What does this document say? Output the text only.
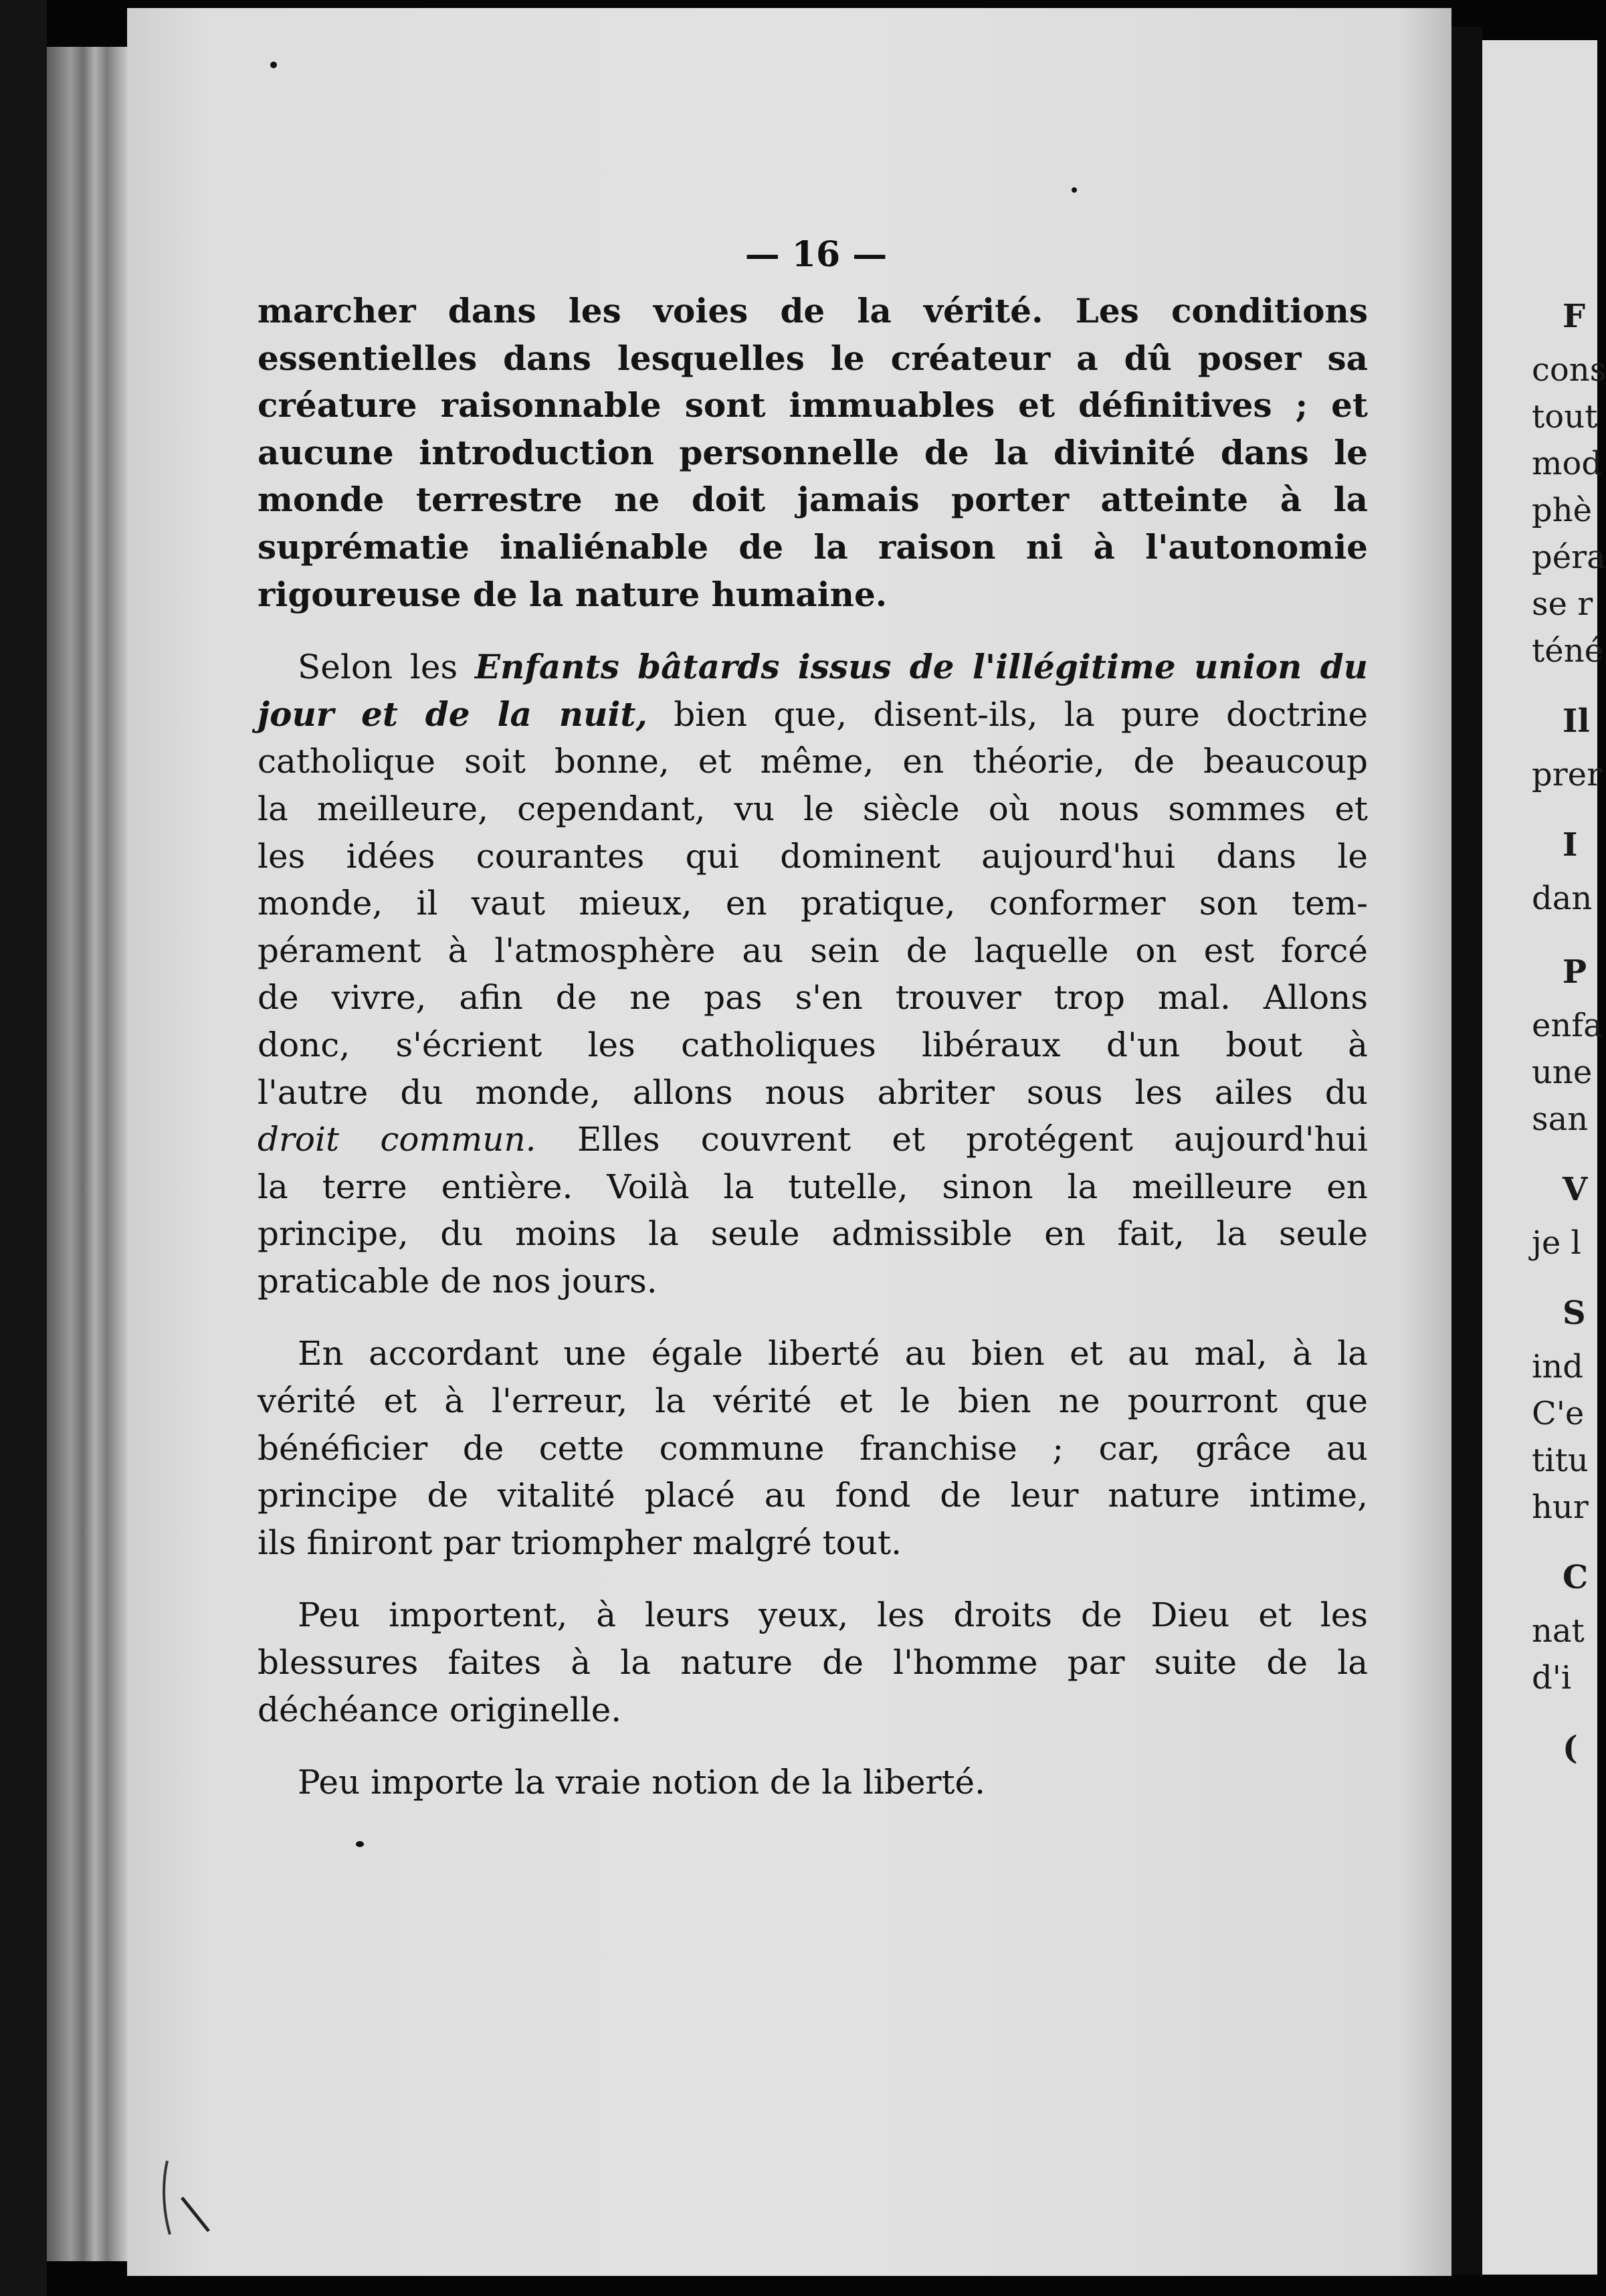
— 16 —
marcher dans les voies de la vérité. Les conditions
essentielles dans lesquelles le créateur a dû poser sa
créature raisonnable sont immuables et définitives ; et
aucune introduction personnelle de la divinité dans le
monde terrestre ne doit jamais porter atteinte à la
suprématie inaliénable de la raison ni à l'autonomie
rigoureuse de la nature humaine.
Selon les Enfants bâtards issus de l'illégitime union du
jour et de la nuit, bien que, disent-ils, la pure doctrine
catholique soit bonne, et même, en théorie, de beaucoup
la meilleure, cependant, vu le siècle où nous sommes et
les idées courantes qui dominent aujourd'hui dans le
monde, il vaut mieux, en pratique, conformer son tem-
pérament à l'atmosphère au sein de laquelle on est forcé
de vivre, afin de ne pas s'en trouver trop mal. Allons
donc, s'écrient les catholiques libéraux d'un bout à
l'autre du monde, allons nous abriter sous les ailes du
droit commun. Elles couvrent et protégent aujourd'hui
la terre entière. Voilà la tutelle, sinon la meilleure en
principe, du moins la seule admissible en fait, la seule
praticable de nos jours.
En accordant une égale liberté au bien et au mal, à la
vérité et à l'erreur, la vérité et le bien ne pourront que
bénéficier de cette commune franchise ; car, grâce au
principe de vitalité placé au fond de leur nature intime,
ils finiront par triompher malgré tout.
Peu importent, à leurs yeux, les droits de Dieu et les
blessures faites à la nature de l'homme par suite de la
déchéance originelle.
Peu importe la vraie notion de la liberté.
F
cons
tout
mod
phè
péra
se r
téné
Il
prer
I
dan
P
enfa
une
san
V
je l
S
ind
C'e
titu
hur
C
nat
d'i
(
